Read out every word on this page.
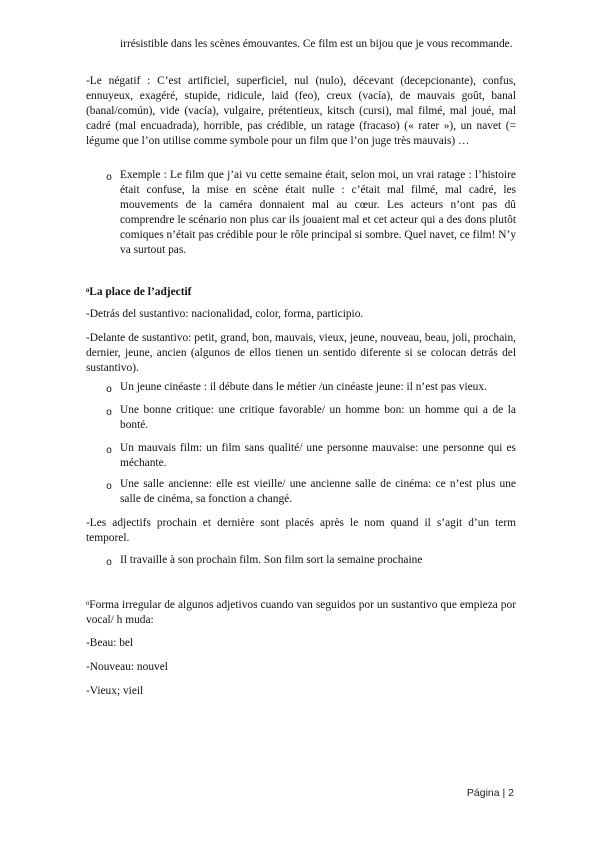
irrésistible dans les scènes émouvantes. Ce film est un bijou que je vous recommande.

-Le négatif : C’est artificiel, superficiel, nul (nulo), décevant (decepcionante), confus, ennuyeux, exagéré, stupide, ridicule, laid (feo), creux (vacía), de mauvais goût, banal (banal/común), vide (vacía), vulgaire, prétentieux, kitsch (cursi), mal filmé, mal joué, mal cadré (mal encuadrada), horrible, pas crédible, un ratage (fracaso) (« rater »), un navet (= légume que l’on utilise comme symbole pour un film que l’on juge très mauvais) …

o Exemple : Le film que j’ai vu cette semaine était, selon moi, un vrai ratage : l’histoire était confuse, la mise en scène était nulle : c’était mal filmé, mal cadré, les mouvements de la caméra donnaient mal au cœur. Les acteurs n’ont pas dû comprendre le scénario non plus car ils jouaient mal et cet acteur qui a des dons plutôt comiques n’était pas crédible pour le rôle principal si sombre. Quel navet, ce film! N’y va surtout pas.

ᵒLa place de l’adjectif

-Detrás del sustantivo: nacionalidad, color, forma, participio.

-Delante de sustantivo: petit, grand, bon, mauvais, vieux, jeune, nouveau, beau, joli, prochain, dernier, jeune, ancien (algunos de ellos tienen un sentido diferente si se colocan detrás del sustantivo).

o Un jeune cinéaste : il débute dans le métier /un cinéaste jeune: il n’est pas vieux.

o Une bonne critique: une critique favorable/ un homme bon: un homme qui a de la bonté.

o Un mauvais film: un film sans qualité/ une personne mauvaise: une personne qui es méchante.

o Une salle ancienne: elle est vieille/ une ancienne salle de cinéma: ce n’est plus une salle de cinéma, sa fonction a changé.

-Les adjectifs prochain et dernière sont placés après le nom quand il s’agit d’un term temporel.

o Il travaille à son prochain film. Son film sort la semaine prochaine

ᵒForma irregular de algunos adjetivos cuando van seguidos por un sustantivo que empieza por vocal/ h muda:

-Beau: bel

-Nouveau: nouvel

-Vieux; vieil

Página | 2
